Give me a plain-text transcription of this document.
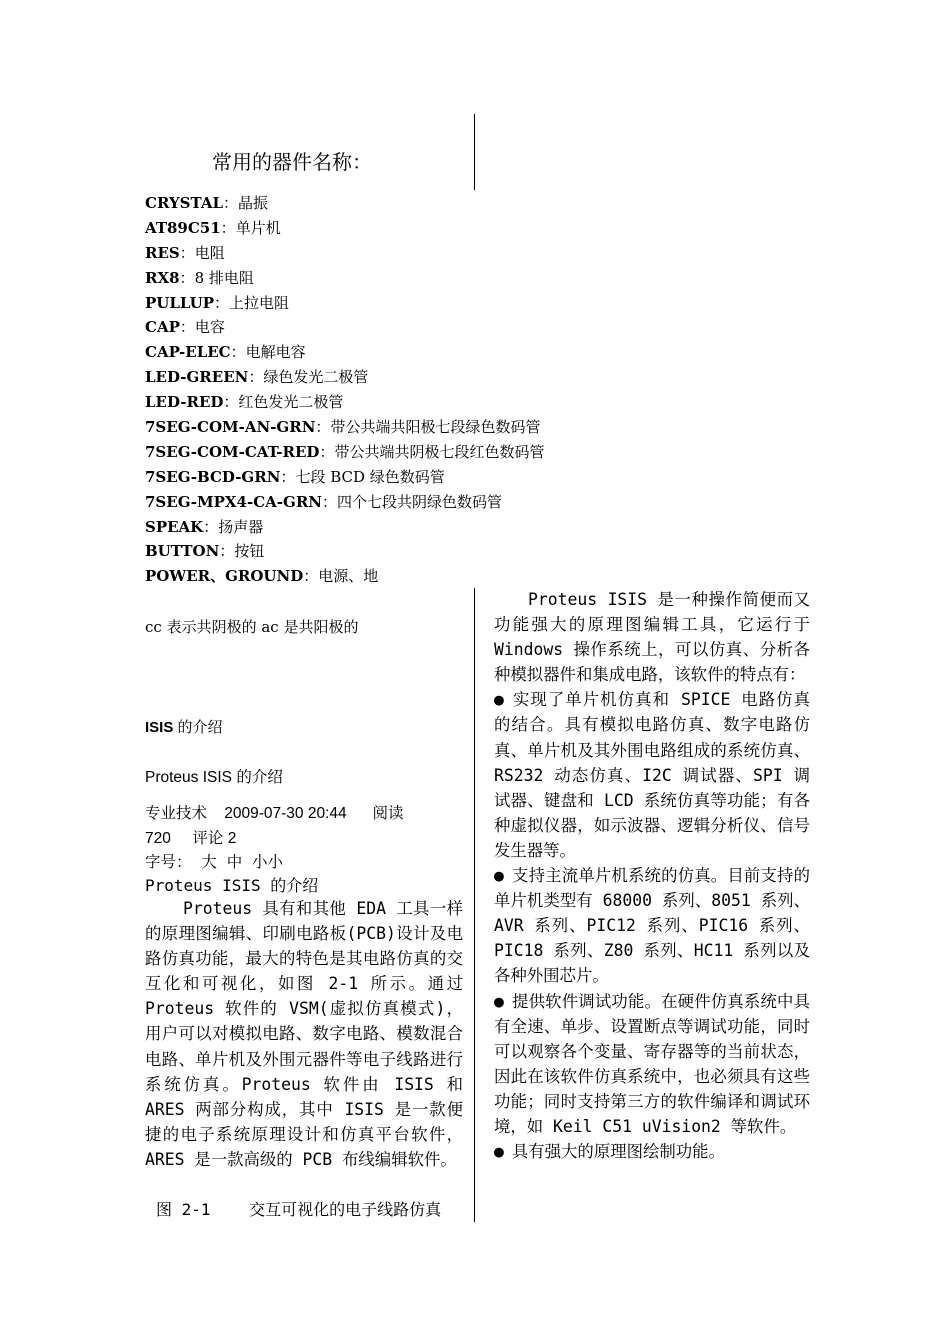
常用的器件名称：
CRYSTAL：晶振
AT89C51：单片机
RES：电阻
RX8：8 排电阻
PULLUP：上拉电阻
CAP：电容
CAP-ELEC：电解电容
LED-GREEN：绿色发光二极管
LED-RED：红色发光二极管
7SEG-COM-AN-GRN：带公共端共阳极七段绿色数码管
7SEG-COM-CAT-RED：带公共端共阴极七段红色数码管
7SEG-BCD-GRN：七段 BCD 绿色数码管
7SEG-MPX4-CA-GRN：四个七段共阴绿色数码管
SPEAK：扬声器
BUTTON：按钮
POWER、GROUND：电源、地
cc 表示共阴极的 ac 是共阳极的
ISIS 的介绍
Proteus ISIS 的介绍
专业技术    2009-07-30 20:44      阅读
720     评论 2
字号：  大  中  小小
Proteus ISIS 的介绍
Proteus 具有和其他 EDA 工具一样的原理图编辑、印刷电路板(PCB)设计及电路仿真功能，最大的特色是其电路仿真的交互化和可视化，如图 2-1 所示。通过 Proteus 软件的 VSM(虚拟仿真模式)，用户可以对模拟电路、数字电路、模数混合电路、单片机及外围元器件等电子线路进行系统仿真。Proteus 软件由 ISIS 和 ARES 两部分构成，其中 ISIS 是一款便捷的电子系统原理设计和仿真平台软件， ARES 是一款高级的 PCB 布线编辑软件。
图 2-1    交互可视化的电子线路仿真

Proteus ISIS 是一种操作简便而又功能强大的原理图编辑工具，它运行于 Windows 操作系统上，可以仿真、分析各种模拟器件和集成电路，该软件的特点有：

● 实现了单片机仿真和 SPICE 电路仿真的结合。具有模拟电路仿真、数字电路仿真、单片机及其外围电路组成的系统仿真、RS232 动态仿真、I2C 调试器、SPI 调试器、键盘和 LCD 系统仿真等功能；有各种虚拟仪器，如示波器、逻辑分析仪、信号发生器等。

● 支持主流单片机系统的仿真。目前支持的单片机类型有 68000 系列、8051 系列、AVR 系列、PIC12 系列、PIC16 系列、PIC18 系列、Z80 系列、HC11 系列以及各种外围芯片。

● 提供软件调试功能。在硬件仿真系统中具有全速、单步、设置断点等调试功能，同时可以观察各个变量、寄存器等的当前状态，因此在该软件仿真系统中，也必须具有这些功能；同时支持第三方的软件编译和调试环境，如 Keil C51 uVision2 等软件。

● 具有强大的原理图绘制功能。
